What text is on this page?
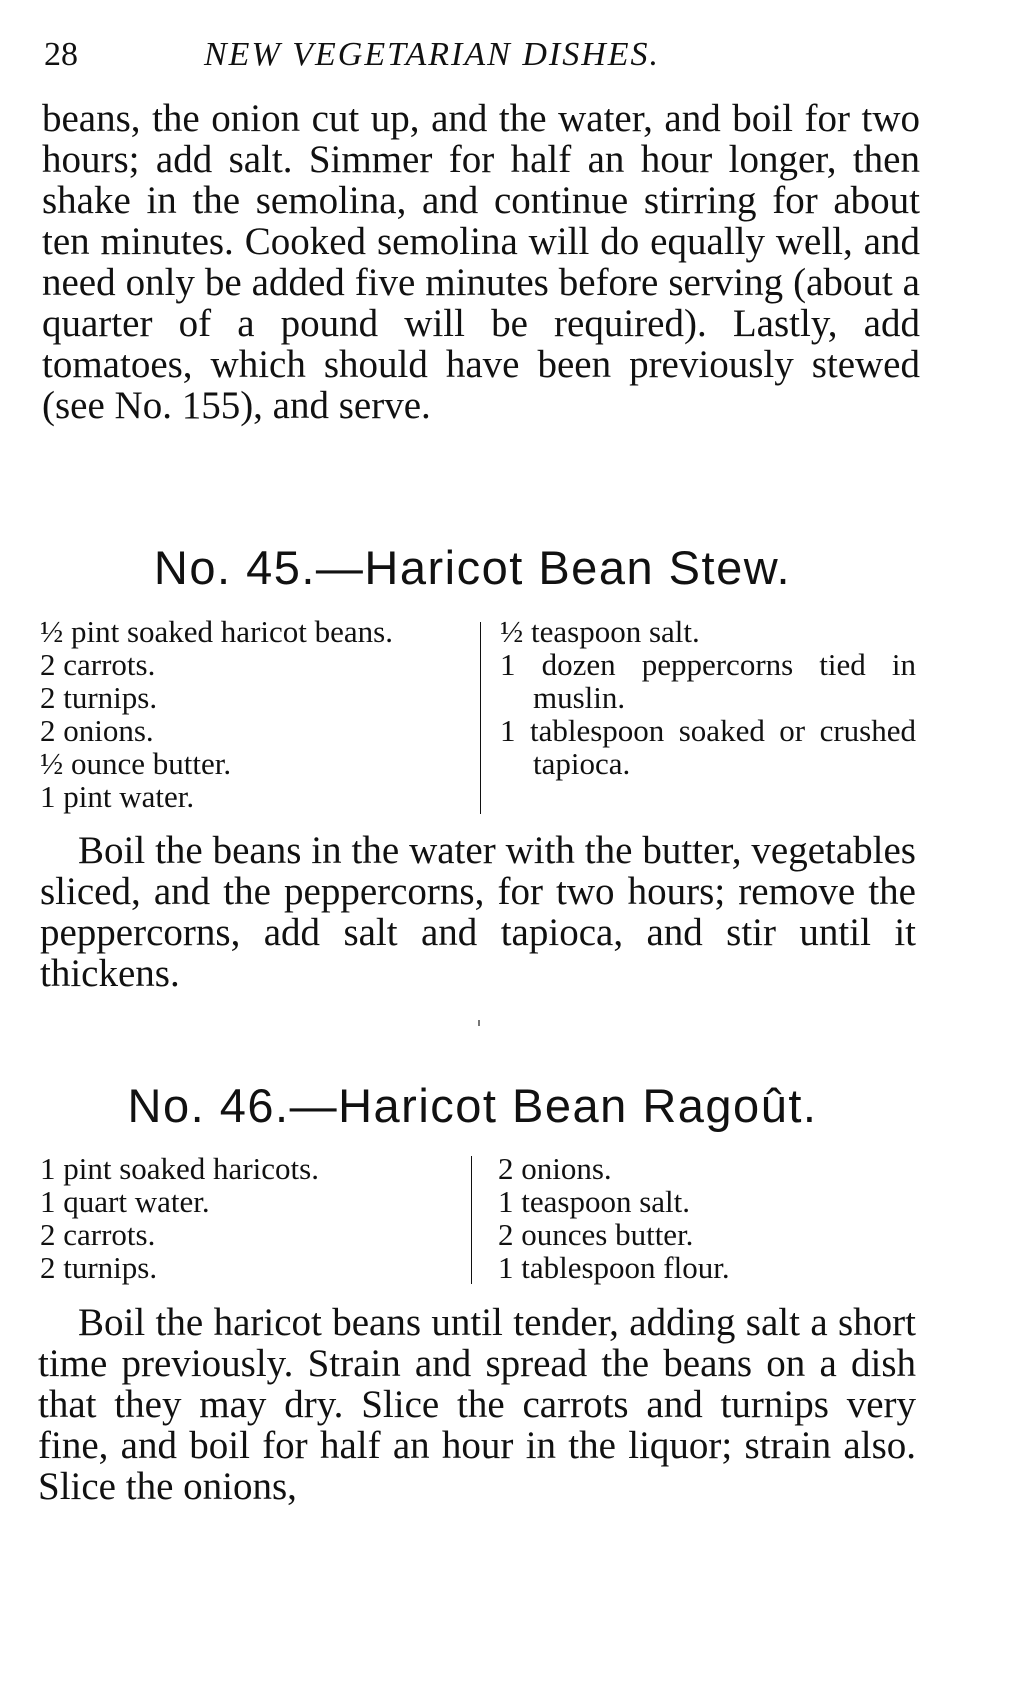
28	NEW VEGETARIAN DISHES.

beans, the onion cut up, and the water, and boil for two hours; add salt. Simmer for half an hour longer, then shake in the semolina, and continue stirring for about ten minutes. Cooked semolina will do equally well, and need only be added five minutes before serving (about a quarter of a pound will be required). Lastly, add tomatoes, which should have been previously stewed (see No. 155), and serve.

No. 45.—Haricot Bean Stew.
½ pint soaked haricot beans.
2 carrots.
2 turnips.
2 onions.
½ ounce butter.
1 pint water.
½ teaspoon salt.
1 dozen peppercorns tied in muslin.
1 tablespoon soaked or crushed tapioca.

Boil the beans in the water with the butter, vegetables sliced, and the peppercorns, for two hours; remove the peppercorns, add salt and tapioca, and stir until it thickens.

No. 46.—Haricot Bean Ragoût.
1 pint soaked haricots.
1 quart water.
2 carrots.
2 turnips.
2 onions.
1 teaspoon salt.
2 ounces butter.
1 tablespoon flour.

Boil the haricot beans until tender, adding salt a short time previously. Strain and spread the beans on a dish that they may dry. Slice the carrots and turnips very fine, and boil for half an hour in the liquor; strain also. Slice the onions,
